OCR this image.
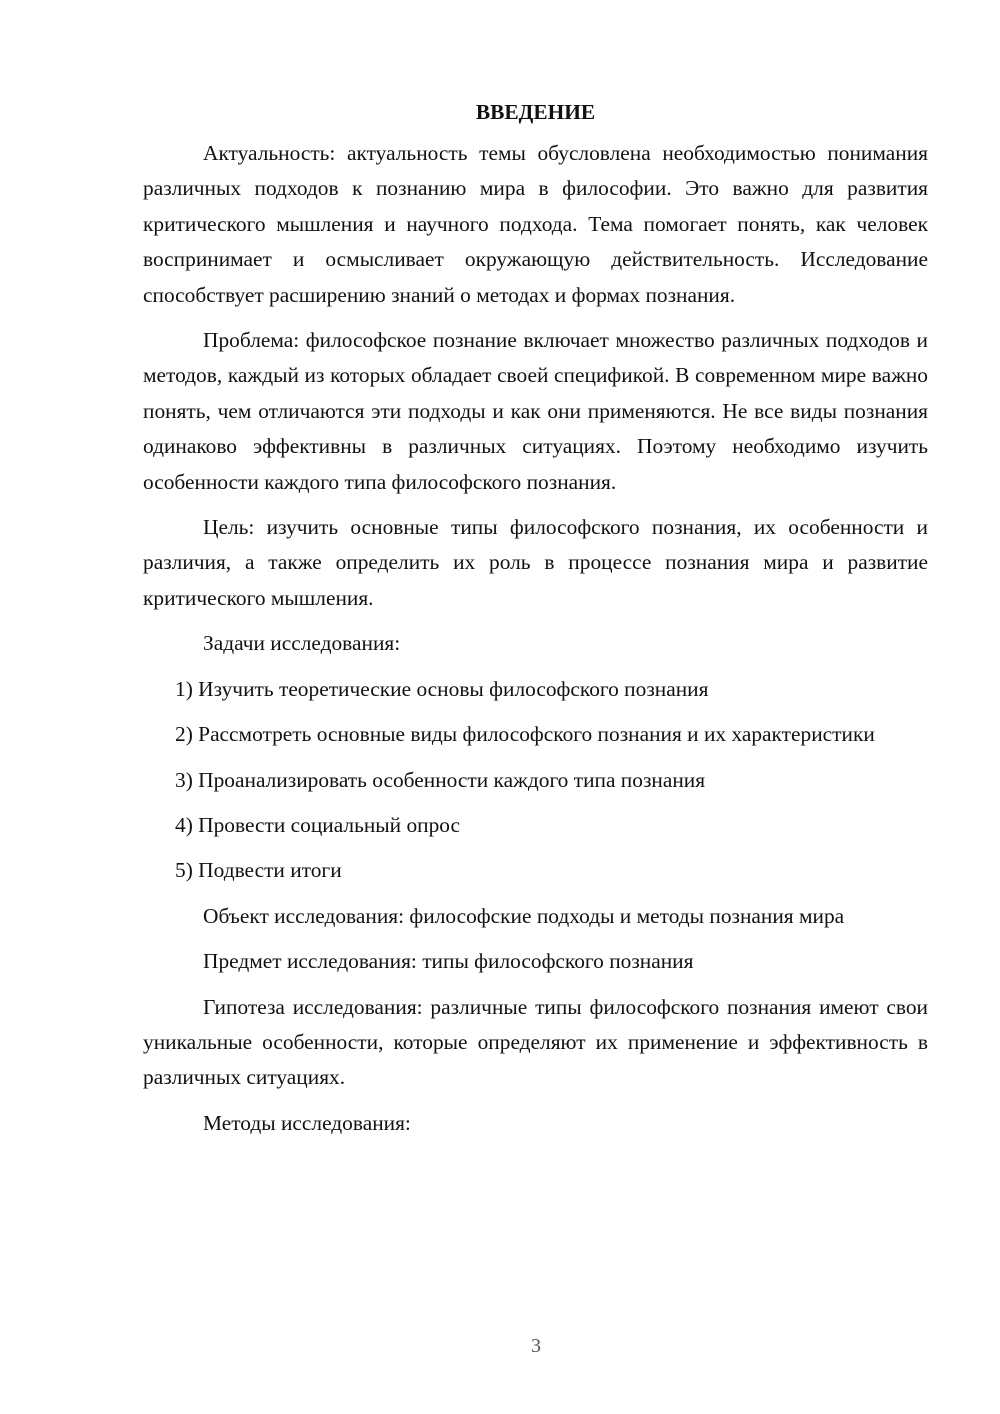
ВВЕДЕНИЕ

Актуальность: актуальность темы обусловлена необходимостью понимания различных подходов к познанию мира в философии. Это важно для развития критического мышления и научного подхода. Тема помогает понять, как человек воспринимает и осмысливает окружающую действительность. Исследование способствует расширению знаний о методах и формах познания.

Проблема: философское познание включает множество различных подходов и методов, каждый из которых обладает своей спецификой. В современном мире важно понять, чем отличаются эти подходы и как они применяются. Не все виды познания одинаково эффективны в различных ситуациях. Поэтому необходимо изучить особенности каждого типа философского познания.

Цель: изучить основные типы философского познания, их особенности и различия, а также определить их роль в процессе познания мира и развитие критического мышления.

Задачи исследования:

1) Изучить теоретические основы философского познания

2) Рассмотреть основные виды философского познания и их характеристики

3) Проанализировать особенности каждого типа познания

4) Провести социальный опрос

5) Подвести итоги

Объект исследования: философские подходы и методы познания мира

Предмет исследования: типы философского познания

Гипотеза исследования: различные типы философского познания имеют свои уникальные особенности, которые определяют их применение и эффективность в различных ситуациях.

Методы исследования:

3
